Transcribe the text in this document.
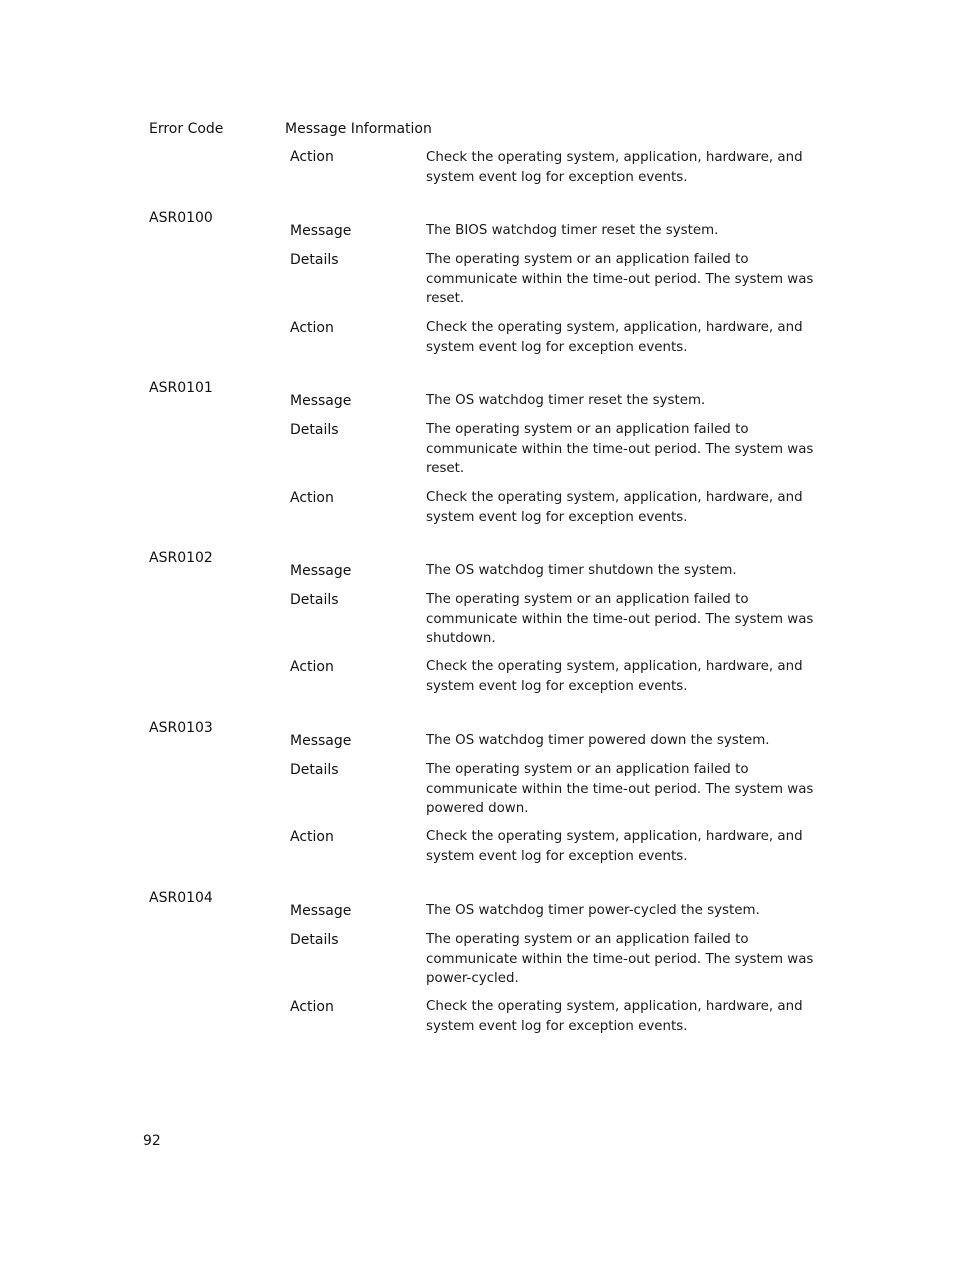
Error Code	Message Information
Action	Check the operating system, application, hardware, and system event log for exception events.
ASR0100
Message	The BIOS watchdog timer reset the system.
Details	The operating system or an application failed to communicate within the time-out period. The system was reset.
Action	Check the operating system, application, hardware, and system event log for exception events.
ASR0101
Message	The OS watchdog timer reset the system.
Details	The operating system or an application failed to communicate within the time-out period. The system was reset.
Action	Check the operating system, application, hardware, and system event log for exception events.
ASR0102
Message	The OS watchdog timer shutdown the system.
Details	The operating system or an application failed to communicate within the time-out period. The system was shutdown.
Action	Check the operating system, application, hardware, and system event log for exception events.
ASR0103
Message	The OS watchdog timer powered down the system.
Details	The operating system or an application failed to communicate within the time-out period. The system was powered down.
Action	Check the operating system, application, hardware, and system event log for exception events.
ASR0104
Message	The OS watchdog timer power-cycled the system.
Details	The operating system or an application failed to communicate within the time-out period. The system was power-cycled.
Action	Check the operating system, application, hardware, and system event log for exception events.
92
